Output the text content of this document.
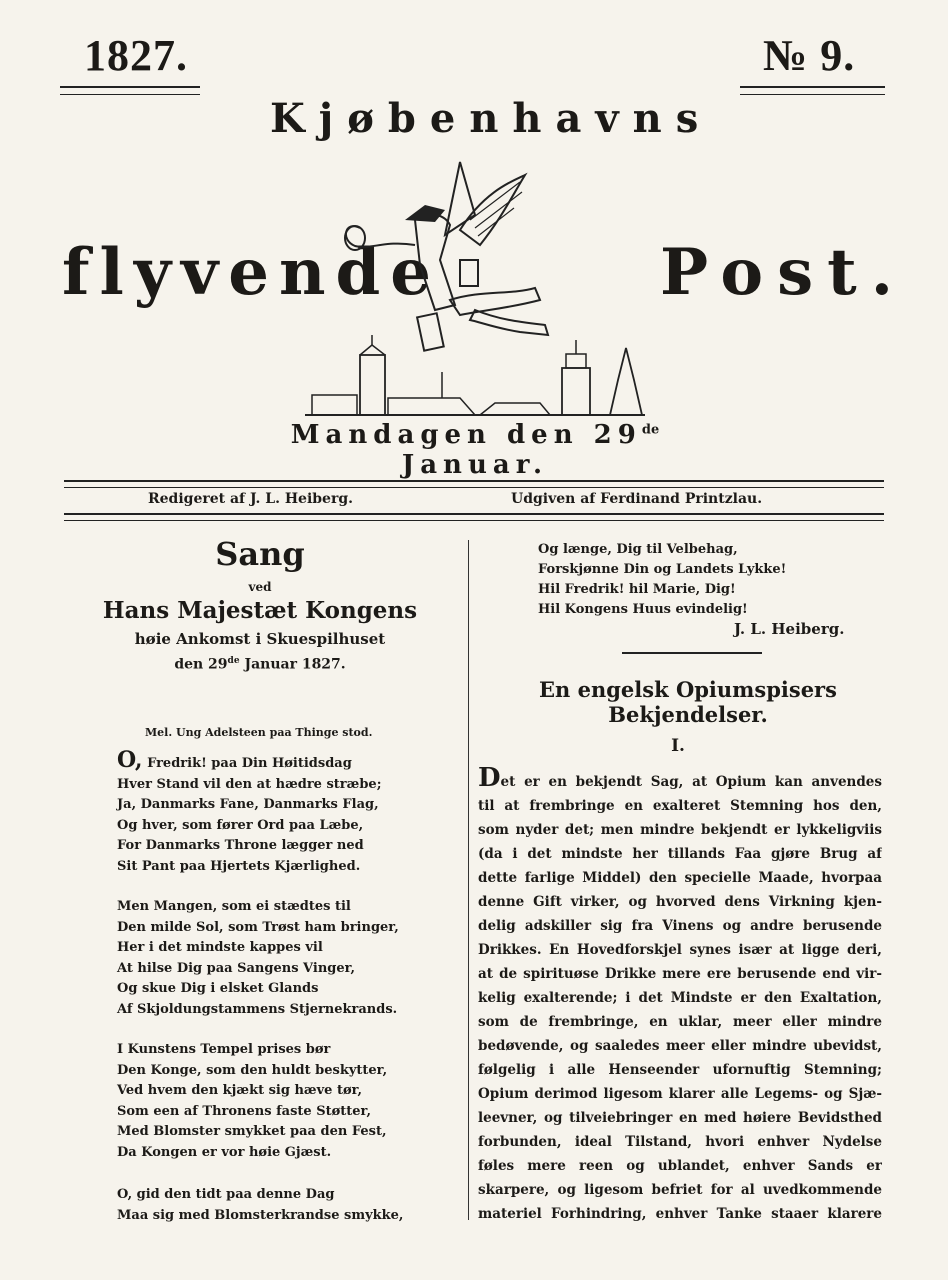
1827.	№ 9.
Kjøbenhavns
flyvende	Post.
Mandagen den 29de Januar.
Redigeret af J. L. Heiberg.	Udgiven af Ferdinand Printzlau.
Sang
ved
Hans Majestæt Kongens
høie Ankomst i Skuespilhuset
den 29de Januar 1827.
Mel. Ung Adelsteen paa Thinge stod.
O, Fredrik! paa Din Høitidsdag
Hver Stand vil den at hædre stræbe;
Ja, Danmarks Fane, Danmarks Flag,
Og hver, som fører Ord paa Læbe,
For Danmarks Throne lægger ned
Sit Pant paa Hjertets Kjærlighed.
Men Mangen, som ei stædtes til
Den milde Sol, som Trøst ham bringer,
Her i det mindste kappes vil
At hilse Dig paa Sangens Vinger,
Og skue Dig i elsket Glands
Af Skjoldungstammens Stjernekrands.
I Kunstens Tempel prises bør
Den Konge, som den huldt beskytter,
Ved hvem den kjækt sig hæve tør,
Som een af Thronens faste Støtter,
Med Blomster smykket paa den Fest,
Da Kongen er vor høie Gjæst.
O, gid den tidt paa denne Dag
Maa sig med Blomsterkrandse smykke,
Og længe, Dig til Velbehag,
Forskjønne Din og Landets Lykke!
Hil Fredrik! hil Marie, Dig!
Hil Kongens Huus evindelig!
J. L. Heiberg.
En engelsk Opiumspisers Bekjendelser.
I.
Det er en bekjendt Sag, at Opium kan anvendes
til at frembringe en exalteret Stemning hos den,
som nyder det; men mindre bekjendt er lykkeligviis
(da i det mindste her tillands Faa gjøre Brug af
dette farlige Middel) den specielle Maade, hvorpaa
denne Gift virker, og hvorved dens Virkning kjen-
delig adskiller sig fra Vinens og andre berusende
Drikkes. En Hovedforskjel synes især at ligge deri,
at de spirituøse Drikke mere ere berusende end vir-
kelig exalterende; i det Mindste er den Exaltation,
som de frembringe, en uklar, meer eller mindre
bedøvende, og saaledes meer eller mindre ubevidst,
følgelig i alle Henseender ufornuftig Stemning;
Opium derimod ligesom klarer alle Legems- og Sjæ-
leevner, og tilveiebringer en med høiere Bevidsthed
forbunden, ideal Tilstand, hvori enhver Nydelse
føles mere reen og ublandet, enhver Sands er
skarpere, og ligesom befriet for al uvedkommende
materiel Forhindring, enhver Tanke staaer klarere
